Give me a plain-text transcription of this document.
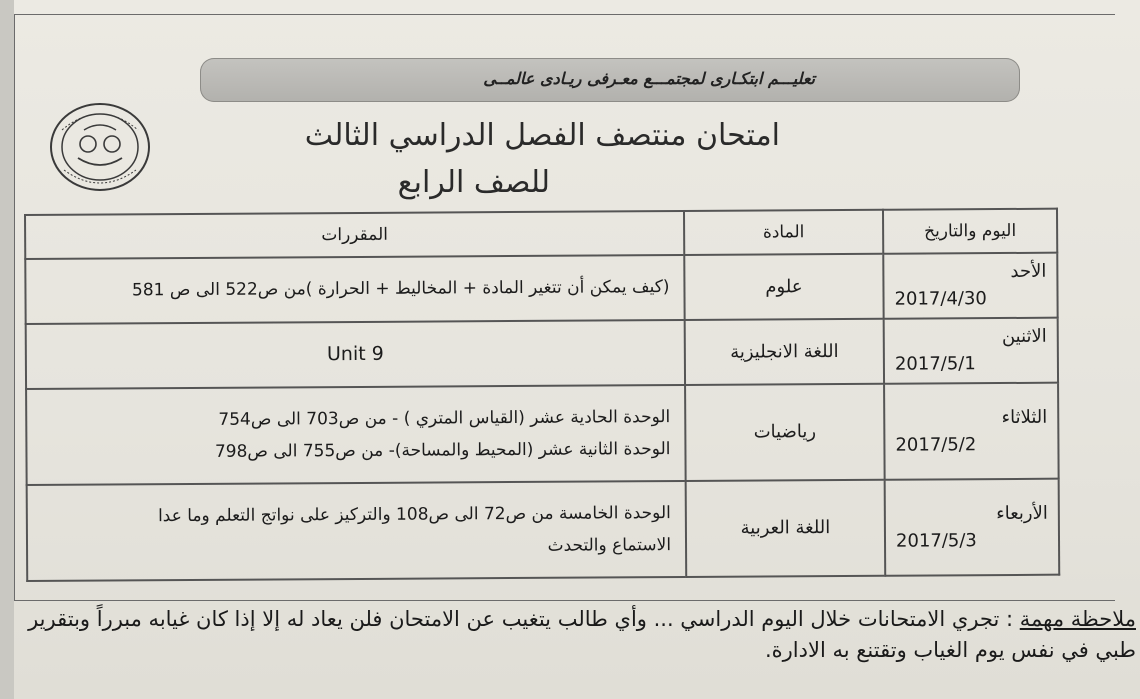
تعليـــم ابتكـارى لمجتمـــع معـرفى ريـادى عالمــى
امتحان منتصف الفصل الدراسي الثالث
للصف الرابع
اليوم والتاريخ	المادة	المقررات

الأحد
2017/4/30	علوم	(كيف يمكن أن تتغير المادة + المخاليط + الحرارة )من ص522 الى ص 581

الاثنين
2017/5/1	اللغة الانجليزية	Unit 9

الثلاثاء
2017/5/2	رياضيات	الوحدة الحادية عشر (القياس المتري ) - من ص703 الى ص754
الوحدة الثانية عشر (المحيط والمساحة)- من ص755 الى ص798

الأربعاء
2017/5/3	اللغة العربية	الوحدة الخامسة من ص72 الى ص108 والتركيز على نواتج التعلم وما عدا
الاستماع والتحدث
ملاحظة مهمة : تجري الامتحانات خلال اليوم الدراسي ... وأي طالب يتغيب عن الامتحان فلن يعاد له إلا إذا كان غيابه مبرراً وبتقرير طبي في نفس يوم الغياب وتقتنع به الادارة.
